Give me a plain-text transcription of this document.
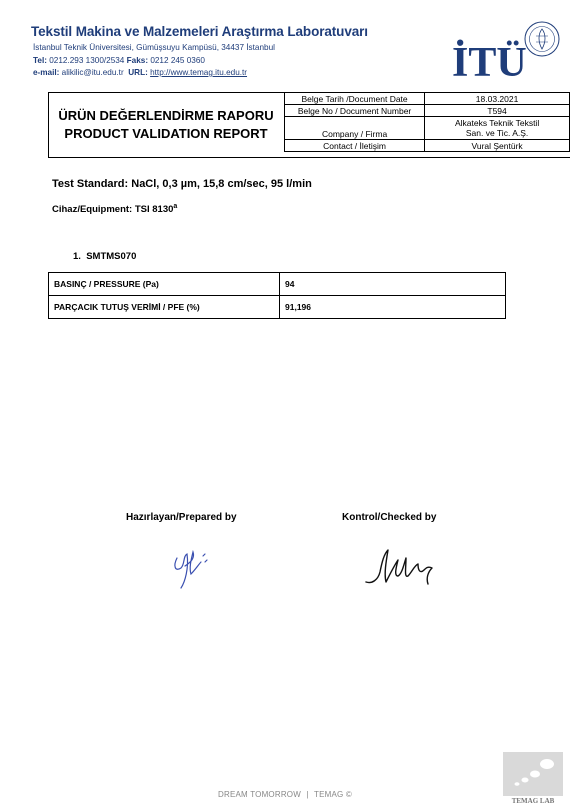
Tekstil Makina ve Malzemeleri Araştırma Laboratuvarı
İstanbul Teknik Üniversitesi, Gümüşsuyu Kampüsü, 34437 İstanbul
Tel: 0212.293 1300/2534 Faks: 0212 245 0360
e-mail: alikilic@itu.edu.tr URL: http://www.temag.itu.edu.tr	İTÜ
ÜRÜN DEĞERLENDİRME RAPORU
PRODUCT VALIDATION REPORT
Belge Tarih /Document Date	18.03.2021
Belge No / Document Number	T594
Company / Firma	Alkateks Teknik Tekstil
San. ve Tic. A.Ş.

Contact / İletişim	Vural Şentürk
Test Standard: NaCl, 0,3 µm, 15,8 cm/sec, 95 l/min
Cihaz/Equipment: TSI 8130$^a$
1. SMTMS070
BASINÇ / PRESSURE (Pa)	94
PARÇACIK TUTUŞ VERİMİ / PFE (%)	91,196
Hazırlayan/Prepared by	Kontrol/Checked by
DREAM TOMORROW | TEMAG ©
TEMAG LAB
